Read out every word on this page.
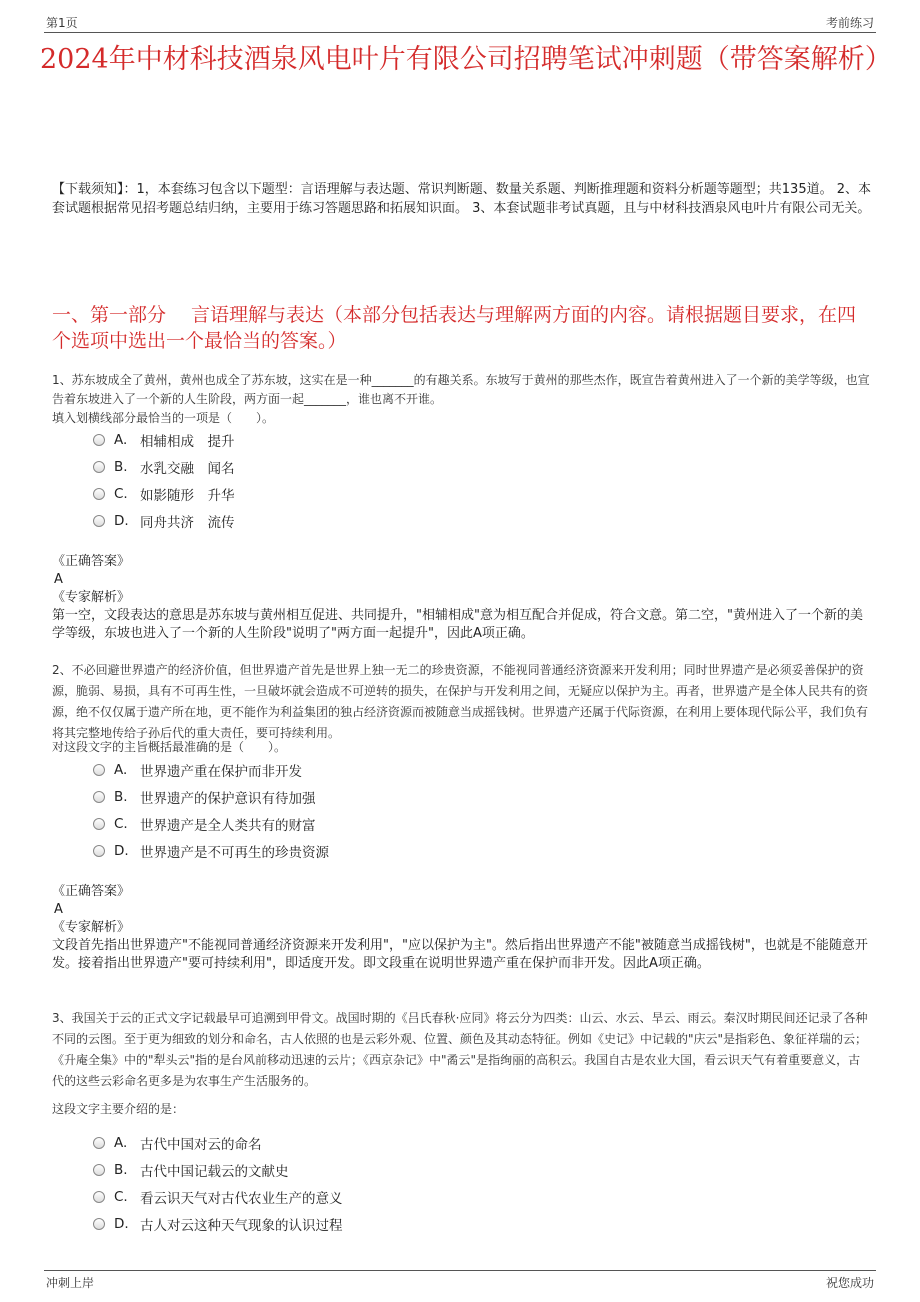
第1页	考前练习
2024年中材科技酒泉风电叶片有限公司招聘笔试冲刺题（带答案解析）
【下载须知】：1，本套练习包含以下题型：言语理解与表达题、常识判断题、数量关系题、判断推理题和资料分析题等题型；共135道。 2、本套试题根据常见招考题总结归纳，主要用于练习答题思路和拓展知识面。 3、本套试题非考试真题，且与中材科技酒泉风电叶片有限公司无关。
一、第一部分　 言语理解与表达（本部分包括表达与理解两方面的内容。请根据题目要求，在四个选项中选出一个最恰当的答案。）
1、苏东坡成全了黄州，黄州也成全了苏东坡，这实在是一种_______的有趣关系。东坡写于黄州的那些杰作，既宣告着黄州进入了一个新的美学等级，也宣告着东坡进入了一个新的人生阶段，两方面一起_______，谁也离不开谁。
填入划横线部分最恰当的一项是（　　）。
A. 相辅相成　提升
B. 水乳交融　闻名
C. 如影随形　升华
D. 同舟共济　流传
《正确答案》
A
《专家解析》
第一空，文段表达的意思是苏东坡与黄州相互促进、共同提升，"相辅相成"意为相互配合并促成，符合文意。第二空，"黄州进入了一个新的美学等级，东坡也进入了一个新的人生阶段"说明了"两方面一起提升"，因此A项正确。
2、不必回避世界遗产的经济价值，但世界遗产首先是世界上独一无二的珍贵资源，不能视同普通经济资源来开发利用；同时世界遗产是必须妥善保护的资源，脆弱、易损，具有不可再生性，一旦破坏就会造成不可逆转的损失，在保护与开发利用之间，无疑应以保护为主。再者，世界遗产是全体人民共有的资源，绝不仅仅属于遗产所在地，更不能作为利益集团的独占经济资源而被随意当成摇钱树。世界遗产还属于代际资源，在利用上要体现代际公平，我们负有将其完整地传给子孙后代的重大责任，要可持续利用。
对这段文字的主旨概括最准确的是（　　）。
A. 世界遗产重在保护而非开发
B. 世界遗产的保护意识有待加强
C. 世界遗产是全人类共有的财富
D. 世界遗产是不可再生的珍贵资源
《正确答案》
A
《专家解析》
文段首先指出世界遗产"不能视同普通经济资源来开发利用"，"应以保护为主"。然后指出世界遗产不能"被随意当成摇钱树"，也就是不能随意开发。接着指出世界遗产"要可持续利用"，即适度开发。即文段重在说明世界遗产重在保护而非开发。因此A项正确。
3、我国关于云的正式文字记载最早可追溯到甲骨文。战国时期的《吕氏春秋·应同》将云分为四类：山云、水云、旱云、雨云。秦汉时期民间还记录了各种不同的云图。至于更为细致的划分和命名，古人依照的也是云彩外观、位置、颜色及其动态特征。例如《史记》中记载的"庆云"是指彩色、象征祥瑞的云；《升庵全集》中的"犁头云"指的是台风前移动迅速的云片；《西京杂记》中"矞云"是指绚丽的高积云。我国自古是农业大国，看云识天气有着重要意义，古代的这些云彩命名更多是为农事生产生活服务的。
这段文字主要介绍的是：
A. 古代中国对云的命名
B. 古代中国记载云的文献史
C. 看云识天气对古代农业生产的意义
D. 古人对云这种天气现象的认识过程
冲刺上岸	祝您成功
